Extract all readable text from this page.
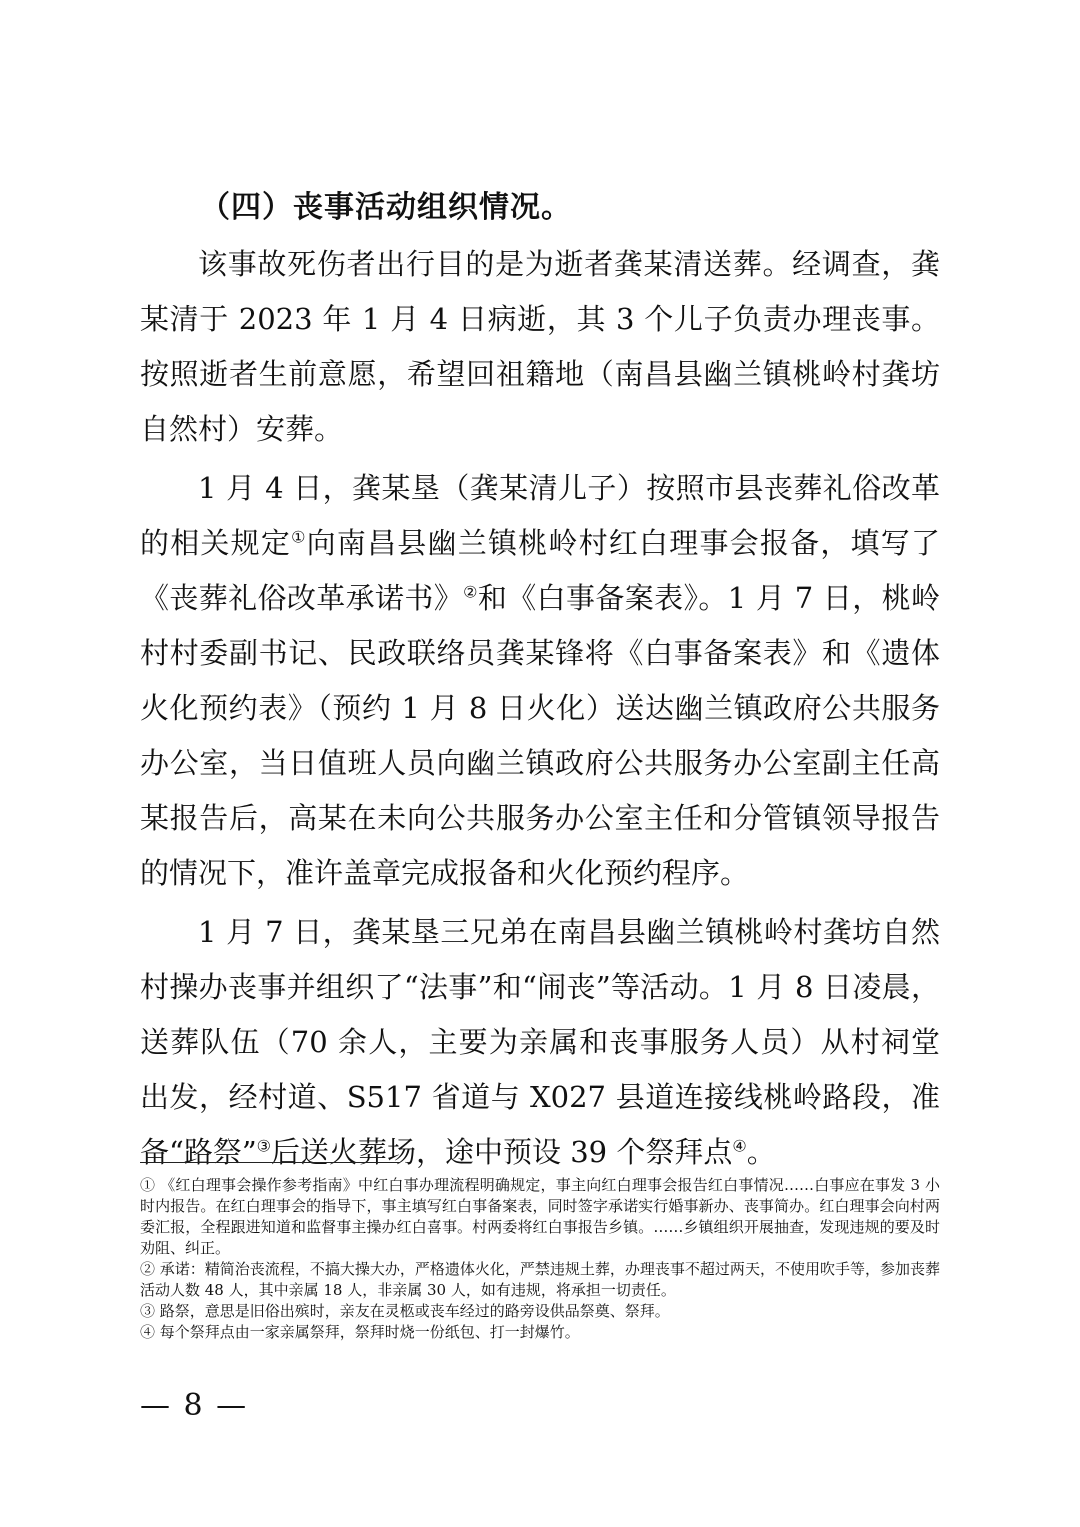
（四）丧事活动组织情况。

该事故死伤者出行目的是为逝者龚某清送葬。经调查，龚某清于 2023 年 1 月 4 日病逝，其 3 个儿子负责办理丧事。按照逝者生前意愿，希望回祖籍地（南昌县幽兰镇桃岭村龚坊自然村）安葬。

1 月 4 日，龚某垦（龚某清儿子）按照市县丧葬礼俗改革的相关规定①向南昌县幽兰镇桃岭村红白理事会报备，填写了《丧葬礼俗改革承诺书》②和《白事备案表》。1 月 7 日，桃岭村村委副书记、民政联络员龚某锋将《白事备案表》和《遗体火化预约表》（预约 1 月 8 日火化）送达幽兰镇政府公共服务办公室，当日值班人员向幽兰镇政府公共服务办公室副主任高某报告后，高某在未向公共服务办公室主任和分管镇领导报告的情况下，准许盖章完成报备和火化预约程序。

1 月 7 日，龚某垦三兄弟在南昌县幽兰镇桃岭村龚坊自然村操办丧事并组织了“法事”和“闹丧”等活动。1 月 8 日凌晨，送葬队伍（70 余人，主要为亲属和丧事服务人员）从村祠堂出发，经村道、S517 省道与 X027 县道连接线桃岭路段，准备“路祭”③后送火葬场，途中预设 39 个祭拜点④。

① 《红白理事会操作参考指南》中红白事办理流程明确规定，事主向红白理事会报告红白事情况……白事应在事发 3 小时内报告。在红白理事会的指导下，事主填写红白事备案表，同时签字承诺实行婚事新办、丧事简办。红白理事会向村两委汇报，全程跟进知道和监督事主操办红白喜事。村两委将红白事报告乡镇。……乡镇组织开展抽查，发现违规的要及时劝阻、纠正。

② 承诺：精简治丧流程，不搞大操大办，严格遗体火化，严禁违规土葬，办理丧事不超过两天，不使用吹手等，参加丧葬活动人数 48 人，其中亲属 18 人，非亲属 30 人，如有违规，将承担一切责任。

③ 路祭，意思是旧俗出殡时，亲友在灵柩或丧车经过的路旁设供品祭奠、祭拜。

④ 每个祭拜点由一家亲属祭拜，祭拜时烧一份纸包、打一封爆竹。

— 8 —
